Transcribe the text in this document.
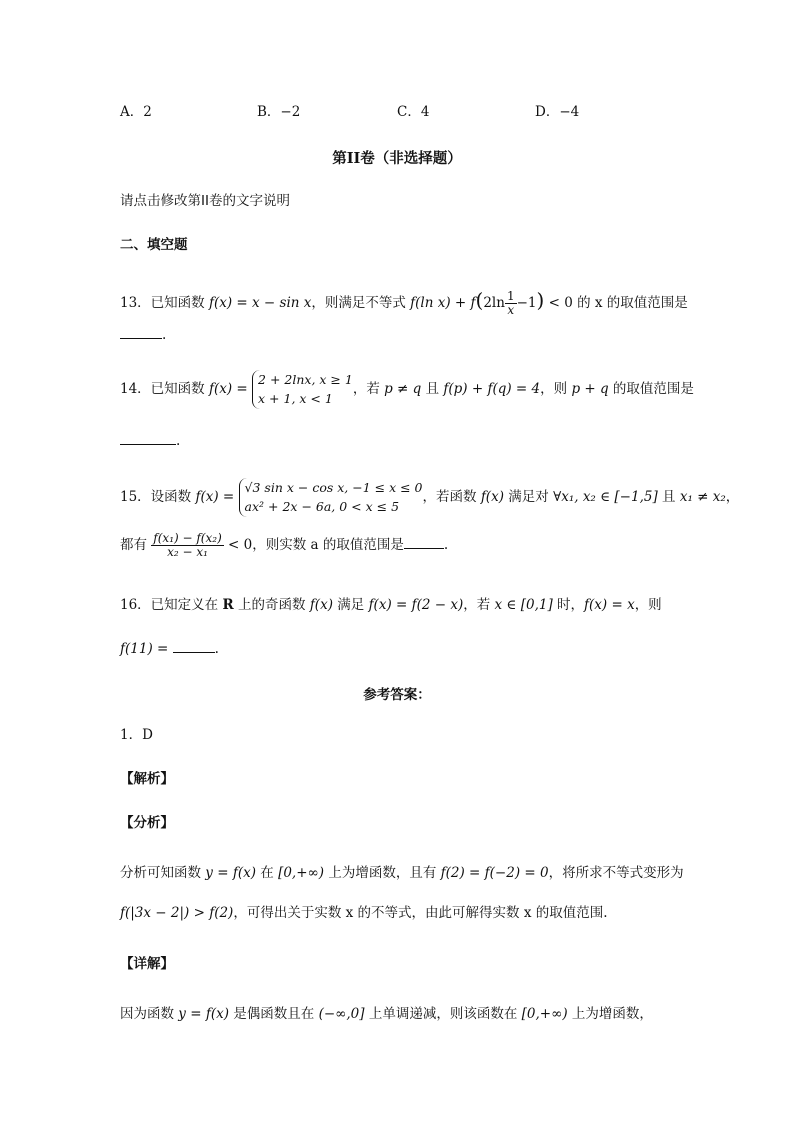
A．2	B．−2	C．4	D．−4
第II卷（非选择题）
请点击修改第II卷的文字说明
二、填空题
13．已知函数 f(x) = x − sin x，则满足不等式 f(ln $x) + f(2\ln \frac{1}{x} -1) < 0$ 的 x 的取值范围是
.
14．已知函数 f(x) =
2 + 2lnx, x ≥ 1
x + 1, x < 1
，若 p ≠ q 且 f(p) + f(q) = 4，则 p + q 的取值范围是
.
15．设函数 f(x) =
√3 sin x − cos x, −1 ≤ x ≤ 0
ax² + 2x − 6a, 0 < x ≤ 5
，若函数 f(x) 满足对 ∀x₁, x₂ ∈ [−1,5] 且 x₁ ≠ x₂，
都有 $\frac{\text{f(x₁) − f(x₂)}}{\text{x₂ − x₁}} < 0$，则实数 a 的取值范围是	.
16．已知定义在 R 上的奇函数 f(x) 满足 f(x) = f(2 − x)，若 x ∈ [0,1] 时，f(x) = x，则
f(11) =	.
参考答案：
1．D
【解析】
【分析】
分析可知函数 y = f(x) 在 [0,+∞) 上为增函数，且有 f(2) = f(−2) = 0，将所求不等式变形为
f(|3x − 2|) > f(2)，可得出关于实数 x 的不等式，由此可解得实数 x 的取值范围.
【详解】
因为函数 y = f(x) 是偶函数且在 (−∞,0] 上单调递减，则该函数在 [0,+∞) 上为增函数，
